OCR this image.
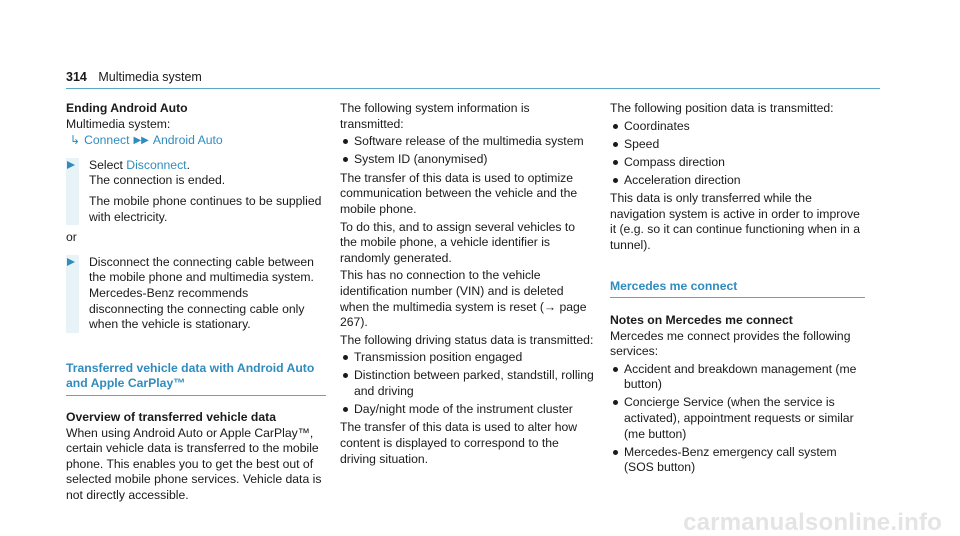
314 Multimedia system
Ending Android Auto
Multimedia system:
↳ Connect ▶▶ Android Auto

Select Disconnect.
The connection is ended.

The mobile phone continues to be supplied with electricity.

or

Disconnect the connecting cable between the mobile phone and multimedia system. Mercedes-Benz recommends disconnecting the connecting cable only when the vehicle is stationary.

Transferred vehicle data with Android Auto and Apple CarPlay™
Overview of transferred vehicle data

When using Android Auto or Apple CarPlay™, certain vehicle data is transferred to the mobile phone. This enables you to get the best out of selected mobile phone services. Vehicle data is not directly accessible.

The following system information is transmitted:

Software release of the multimedia system
System ID (anonymised)

The transfer of this data is used to optimize communication between the vehicle and the mobile phone.

To do this, and to assign several vehicles to the mobile phone, a vehicle identifier is randomly generated.

This has no connection to the vehicle identification number (VIN) and is deleted when the multimedia system is reset (→ page 267).

The following driving status data is transmitted:

Transmission position engaged
Distinction between parked, standstill, rolling and driving
Day/night mode of the instrument cluster

The transfer of this data is used to alter how content is displayed to correspond to the driving situation.

The following position data is transmitted:

Coordinates
Speed
Compass direction
Acceleration direction

This data is only transferred while the navigation system is active in order to improve it (e.g. so it can continue functioning when in a tunnel).

Mercedes me connect
Notes on Mercedes me connect

Mercedes me connect provides the following services:

Accident and breakdown management (me button)
Concierge Service (when the service is activated), appointment requests or similar (me button)
Mercedes-Benz emergency call system (SOS button)
carmanualsonline.info
